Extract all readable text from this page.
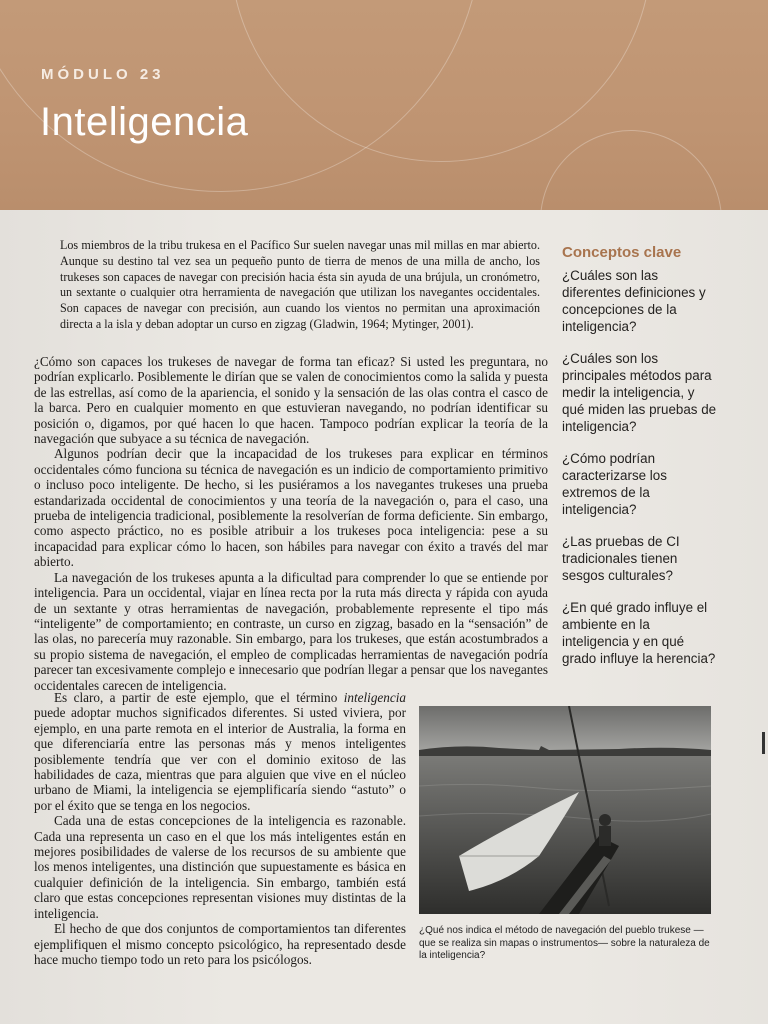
MÓDULO 23
Inteligencia

Los miembros de la tribu trukesa en el Pacífico Sur suelen navegar unas mil millas en mar abierto. Aunque su destino tal vez sea un pequeño punto de tierra de menos de una milla de ancho, los trukeses son capaces de navegar con precisión hacia ésta sin ayuda de una brújula, un cronómetro, un sextante o cualquier otra herramienta de navegación que utilizan los navegantes occidentales. Son capaces de navegar con precisión, aun cuando los vientos no permitan una aproximación directa a la isla y deban adoptar un curso en zigzag (Gladwin, 1964; Mytinger, 2001).

¿Cómo son capaces los trukeses de navegar de forma tan eficaz? Si usted les preguntara, no podrían explicarlo. Posiblemente le dirían que se valen de conocimientos como la salida y puesta de las estrellas, así como de la apariencia, el sonido y la sensación de las olas contra el casco de la barca. Pero en cualquier momento en que estuvieran navegando, no podrían identificar su posición o, digamos, por qué hacen lo que hacen. Tampoco podrían explicar la teoría de la navegación que subyace a su técnica de navegación.

Algunos podrían decir que la incapacidad de los trukeses para explicar en términos occidentales cómo funciona su técnica de navegación es un indicio de comportamiento primitivo o incluso poco inteligente. De hecho, si les pusiéramos a los navegantes trukeses una prueba estandarizada occidental de conocimientos y una teoría de la navegación o, para el caso, una prueba de inteligencia tradicional, posiblemente la resolverían de forma deficiente. Sin embargo, como aspecto práctico, no es posible atribuir a los trukeses poca inteligencia: pese a su incapacidad para explicar cómo lo hacen, son hábiles para navegar con éxito a través del mar abierto.

La navegación de los trukeses apunta a la dificultad para comprender lo que se entiende por inteligencia. Para un occidental, viajar en línea recta por la ruta más directa y rápida con ayuda de un sextante y otras herramientas de navegación, probablemente represente el tipo más “inteligente” de comportamiento; en contraste, un curso en zigzag, basado en la “sensación” de las olas, no parecería muy razonable. Sin embargo, para los trukeses, que están acostumbrados a su propio sistema de navegación, el empleo de complicadas herramientas de navegación podría parecer tan excesivamente complejo e innecesario que podrían llegar a pensar que los navegantes occidentales carecen de inteligencia.

Es claro, a partir de este ejemplo, que el término inteligencia puede adoptar muchos significados diferentes. Si usted viviera, por ejemplo, en una parte remota en el interior de Australia, la forma en que diferenciaría entre las personas más y menos inteligentes posiblemente tendría que ver con el dominio exitoso de las habilidades de caza, mientras que para alguien que vive en el núcleo urbano de Miami, la inteligencia se ejemplificaría siendo “astuto” o por el éxito que se tenga en los negocios.

Cada una de estas concepciones de la inteligencia es razonable. Cada una representa un caso en el que los más inteligentes están en mejores posibilidades de valerse de los recursos de su ambiente que los menos inteligentes, una distinción que supuestamente es básica en cualquier definición de la inteligencia. Sin embargo, también está claro que estas concepciones representan visiones muy distintas de la inteligencia.

El hecho de que dos conjuntos de comportamientos tan diferentes ejemplifiquen el mismo concepto psicológico, ha representado desde hace mucho tiempo todo un reto para los psicólogos.

Conceptos clave
¿Cuáles son las diferentes definiciones y concepciones de la inteligencia?
¿Cuáles son los principales métodos para medir la inteligencia, y qué miden las pruebas de inteligencia?
¿Cómo podrían caracterizarse los extremos de la inteligencia?
¿Las pruebas de CI tradicionales tienen sesgos culturales?
¿En qué grado influye el ambiente en la inteligencia y en qué grado influye la herencia?
¿Qué nos indica el método de navegación del pueblo trukese —que se realiza sin mapas o instrumentos— sobre la naturaleza de la inteligencia?
